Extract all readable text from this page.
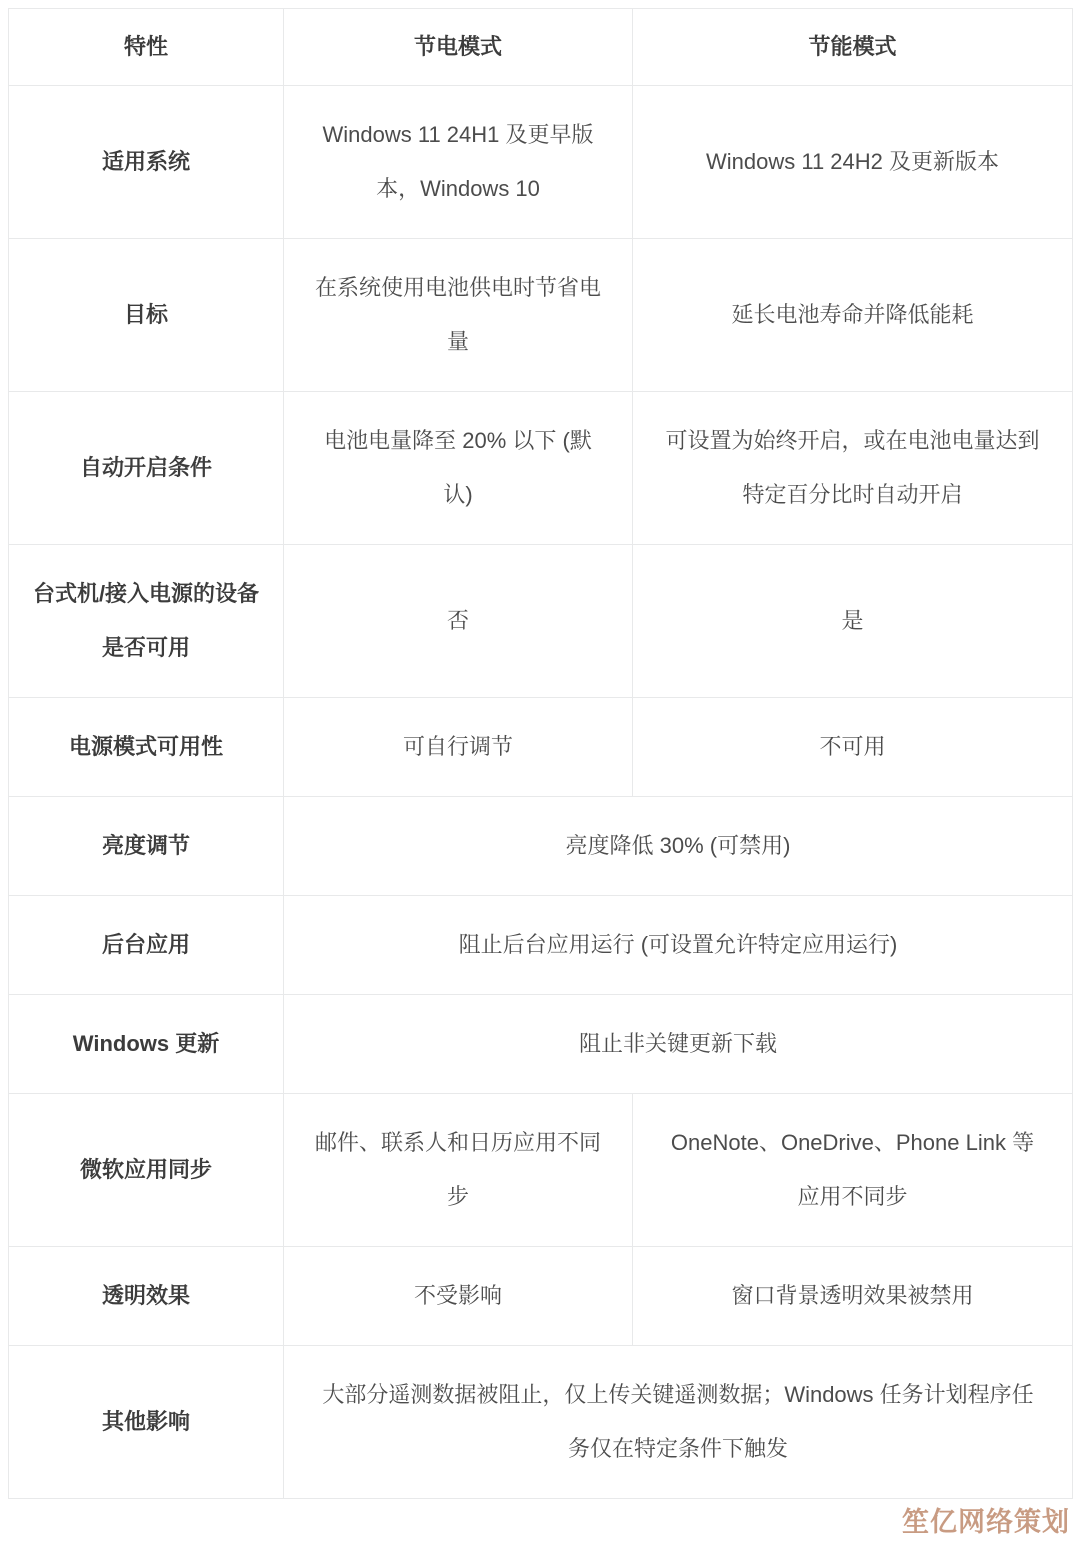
特性	节电模式	节能模式
适用系统	Windows 11 24H1 及更早版本，Windows 10	Windows 11 24H2 及更新版本
目标	在系统使用电池供电时节省电量	延长电池寿命并降低能耗
自动开启条件	电池电量降至 20% 以下 (默认)	可设置为始终开启，或在电池电量达到特定百分比时自动开启
台式机/接入电源的设备是否可用	否	是
电源模式可用性	可自行调节	不可用
亮度调节	亮度降低 30% (可禁用)	
后台应用	阻止后台应用运行 (可设置允许特定应用运行)	
Windows 更新	阻止非关键更新下载	
微软应用同步	邮件、联系人和日历应用不同步	OneNote、OneDrive、Phone Link 等应用不同步
透明效果	不受影响	窗口背景透明效果被禁用
其他影响	大部分遥测数据被阻止，仅上传关键遥测数据；Windows 任务计划程序任务仅在特定条件下触发	
笙亿网络策划
